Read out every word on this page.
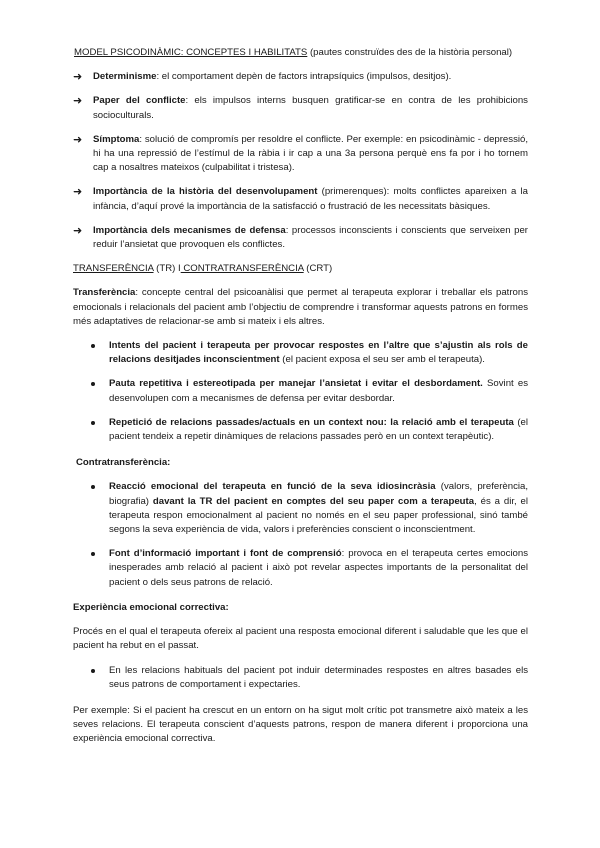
MODEL PSICODINÀMIC: CONCEPTES I HABILITATS (pautes construïdes des de la història personal)

➜ Determinisme: el comportament depèn de factors intrapsíquics (impulsos, desitjos).
➜ Paper del conflicte: els impulsos interns busquen gratificar-se en contra de les prohibicions socioculturals.
➜ Símptoma: solució de compromís per resoldre el conflicte. Per exemple: en psicodinàmic - depressió, hi ha una repressió de l’estímul de la ràbia i ir cap a una 3a persona perquè ens fa por i ho tornem cap a nosaltres mateixos (culpabilitat i tristesa).
➜ Importància de la història del desenvolupament (primerenques): molts conflictes apareixen a la infància, d’aquí prové la importància de la satisfacció o frustració de les necessitats bàsiques.
➜ Importància dels mecanismes de defensa: processos inconscients i conscients que serveixen per reduir l’ansietat que provoquen els conflictes.

TRANSFERÈNCIA (TR) I CONTRATRANSFERÈNCIA (CRT)

Transferència: concepte central del psicoanàlisi que permet al terapeuta explorar i treballar els patrons emocionals i relacionals del pacient amb l’objectiu de comprendre i transformar aquests patrons en formes més adaptatives de relacionar-se amb si mateix i els altres.

Intents del pacient i terapeuta per provocar respostes en l’altre que s’ajustin als rols de relacions desitjades inconscientment (el pacient exposa el seu ser amb el terapeuta).
Pauta repetitiva i estereotipada per manejar l’ansietat i evitar el desbordament. Sovint es desenvolupen com a mecanismes de defensa per evitar desbordar.
Repetició de relacions passades/actuals en un context nou: la relació amb el terapeuta (el pacient tendeix a repetir dinàmiques de relacions passades però en un context terapèutic).

Contratransferència:

Reacció emocional del terapeuta en funció de la seva idiosincràsia (valors, preferència, biografia) davant la TR del pacient en comptes del seu paper com a terapeuta, és a dir, el terapeuta respon emocionalment al pacient no només en el seu paper professional, sinó també segons la seva experiència de vida, valors i preferències conscient o inconscientment.
Font d’informació important i font de comprensió: provoca en el terapeuta certes emocions inesperades amb relació al pacient i això pot revelar aspectes importants de la personalitat del pacient o dels seus patrons de relació.

Experiència emocional correctiva:

Procés en el qual el terapeuta ofereix al pacient una resposta emocional diferent i saludable que les que el pacient ha rebut en el passat.

En les relacions habituals del pacient pot induir determinades respostes en altres basades els seus patrons de comportament i expectaries.

Per exemple: Si el pacient ha crescut en un entorn on ha sigut molt crític pot transmetre això mateix a les seves relacions. El terapeuta conscient d’aquests patrons, respon de manera diferent i proporciona una experiència emocional correctiva.
